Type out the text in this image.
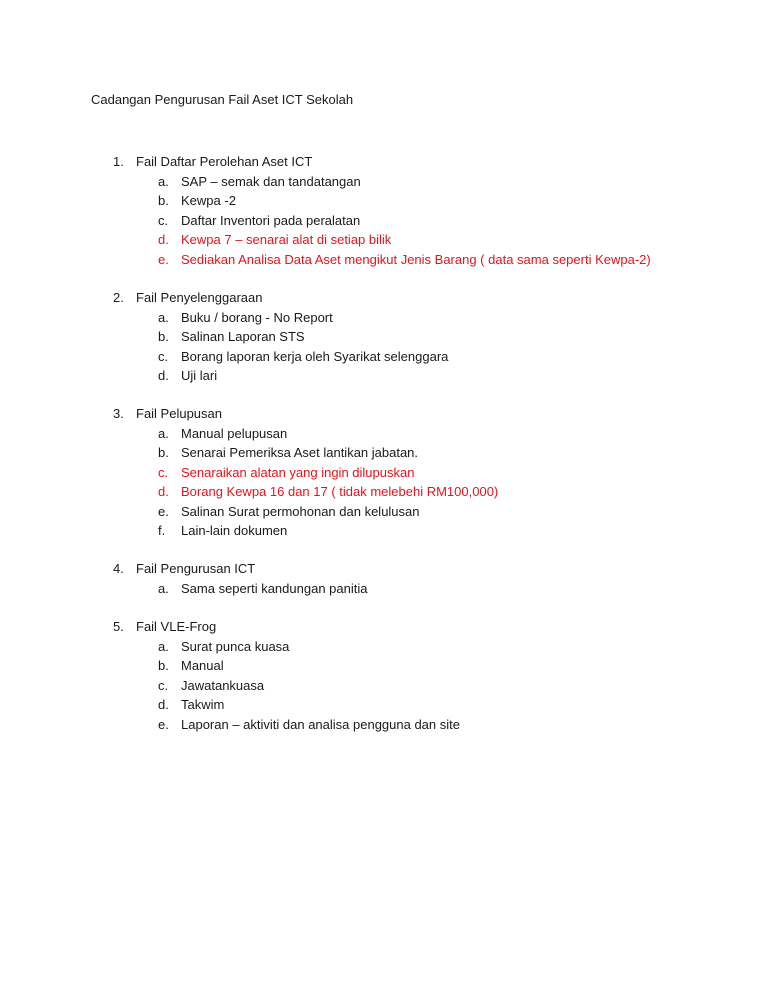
Cadangan Pengurusan Fail Aset ICT Sekolah
1. Fail Daftar Perolehan Aset ICT
a. SAP – semak dan tandatangan
b. Kewpa -2
c. Daftar Inventori pada peralatan
d. Kewpa 7 – senarai alat di setiap bilik
e. Sediakan Analisa Data Aset mengikut Jenis Barang ( data sama seperti Kewpa-2)
2. Fail Penyelenggaraan
a. Buku / borang - No Report
b. Salinan Laporan STS
c. Borang laporan kerja oleh Syarikat selenggara
d. Uji lari
3. Fail Pelupusan
a. Manual pelupusan
b. Senarai Pemeriksa Aset lantikan jabatan.
c. Senaraikan alatan yang ingin dilupuskan
d. Borang Kewpa 16 dan 17 ( tidak melebehi RM100,000)
e. Salinan Surat permohonan dan kelulusan
f. Lain-lain dokumen
4. Fail Pengurusan ICT
a. Sama seperti kandungan panitia
5. Fail VLE-Frog
a. Surat punca kuasa
b. Manual
c. Jawatankuasa
d. Takwim
e. Laporan – aktiviti dan analisa pengguna dan site
